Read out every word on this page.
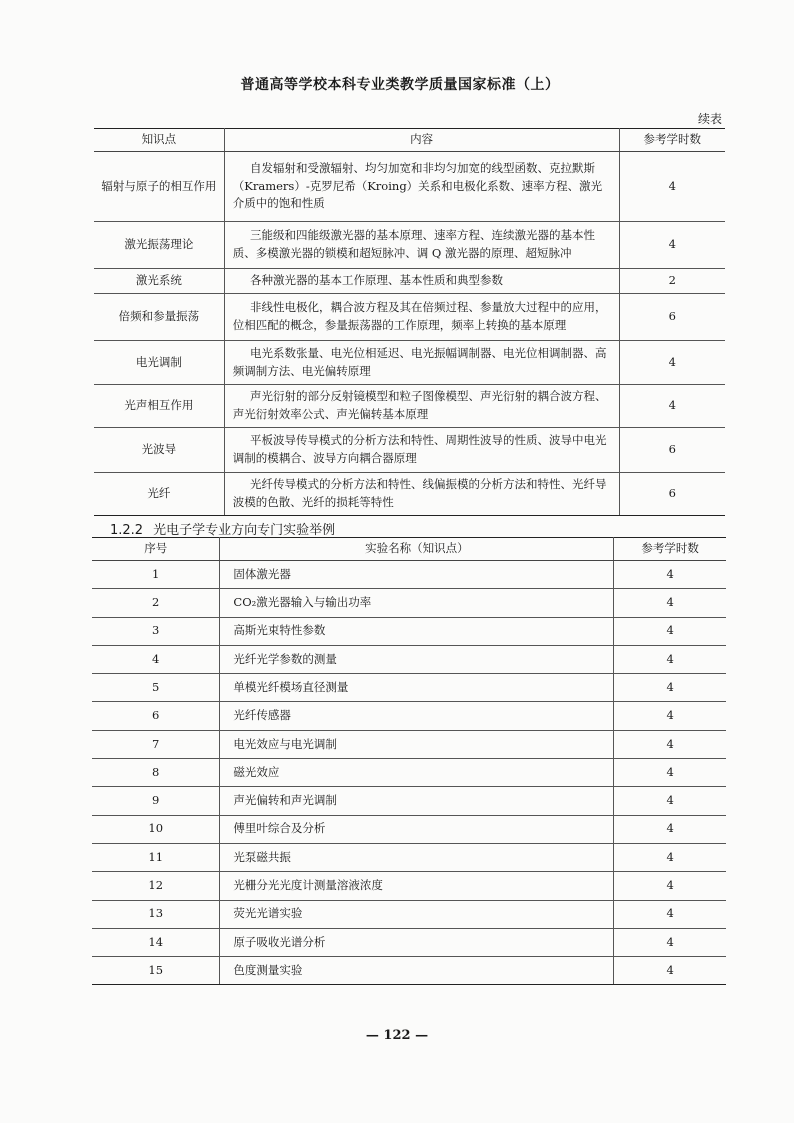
普通高等学校本科专业类教学质量国家标准（上）
续表
知识点	内容	参考学时数
辐射与原子的相互作用	自发辐射和受激辐射、均匀加宽和非均匀加宽的线型函数、克拉默斯（Kramers）-克罗尼希（Kroing）关系和电极化系数、速率方程、激光介质中的饱和性质	4
激光振荡理论	三能级和四能级激光器的基本原理、速率方程、连续激光器的基本性质、多模激光器的锁模和超短脉冲、调 Q 激光器的原理、超短脉冲	4
激光系统	各种激光器的基本工作原理、基本性质和典型参数	2
倍频和参量振荡	非线性电极化，耦合波方程及其在倍频过程、参量放大过程中的应用，位相匹配的概念，参量振荡器的工作原理，频率上转换的基本原理	6
电光调制	电光系数张量、电光位相延迟、电光振幅调制器、电光位相调制器、高频调制方法、电光偏转原理	4
光声相互作用	声光衍射的部分反射镜模型和粒子图像模型、声光衍射的耦合波方程、声光衍射效率公式、声光偏转基本原理	4
光波导	平板波导传导模式的分析方法和特性、周期性波导的性质、波导中电光调制的模耦合、波导方向耦合器原理	6
光纤	光纤传导模式的分析方法和特性、线偏振模的分析方法和特性、光纤导波模的色散、光纤的损耗等特性	6
1.2.2 光电子学专业方向专门实验举例
序号	实验名称（知识点）	参考学时数
1	固体激光器	4
2	CO₂激光器输入与输出功率	4
3	高斯光束特性参数	4
4	光纤光学参数的测量	4
5	单模光纤模场直径测量	4
6	光纤传感器	4
7	电光效应与电光调制	4
8	磁光效应	4
9	声光偏转和声光调制	4
10	傅里叶综合及分析	4
11	光泵磁共振	4
12	光栅分光光度计测量溶液浓度	4
13	荧光光谱实验	4
14	原子吸收光谱分析	4
15	色度测量实验	4
— 122 —
